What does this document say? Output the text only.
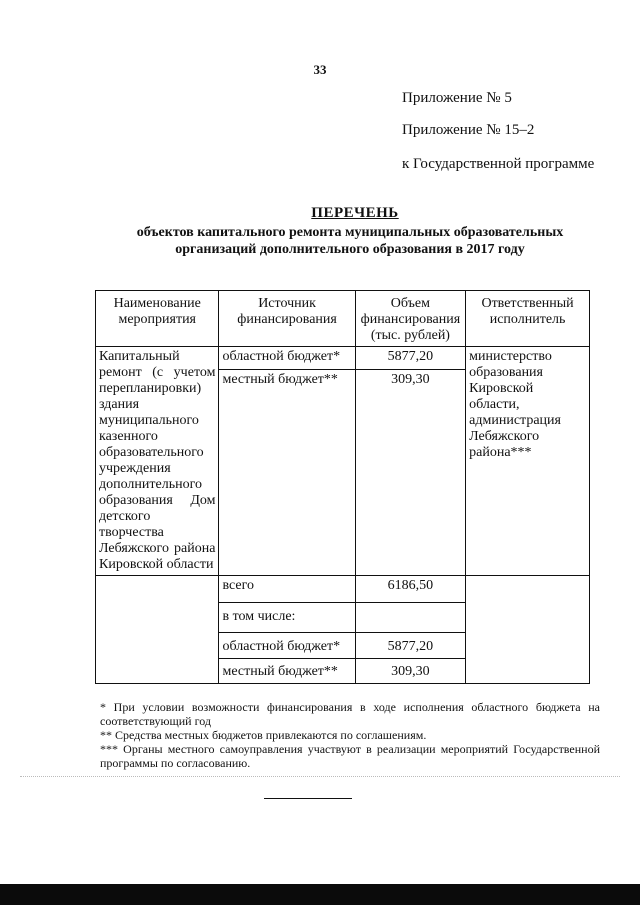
33
Приложение № 5
Приложение № 15–2
к Государственной программе
ПЕРЕЧЕНЬ
объектов капитального ремонта муниципальных образовательных организаций дополнительного образования в 2017 году
Наименование мероприятия	Источник финансирования	Объем финансирования (тыс. рублей)	Ответственный исполнитель
Капитальный ремонт (с учетом перепланировки) здания муниципального казенного образовательного учреждения дополнительного образования Дом детского творчества Лебяжского района Кировской области	областной бюджет*	5877,20	министерство образования Кировской области, администрация Лебяжского района***
	местный бюджет**	309,30	
	всего	6186,50	
	в том числе:		
	областной бюджет*	5877,20	
	местный бюджет**	309,30	

* При условии возможности финансирования в ходе исполнения областного бюджета на соответствующий год

** Средства местных бюджетов привлекаются по соглашениям.

*** Органы местного самоуправления участвуют в реализации мероприятий Государственной программы по согласованию.
